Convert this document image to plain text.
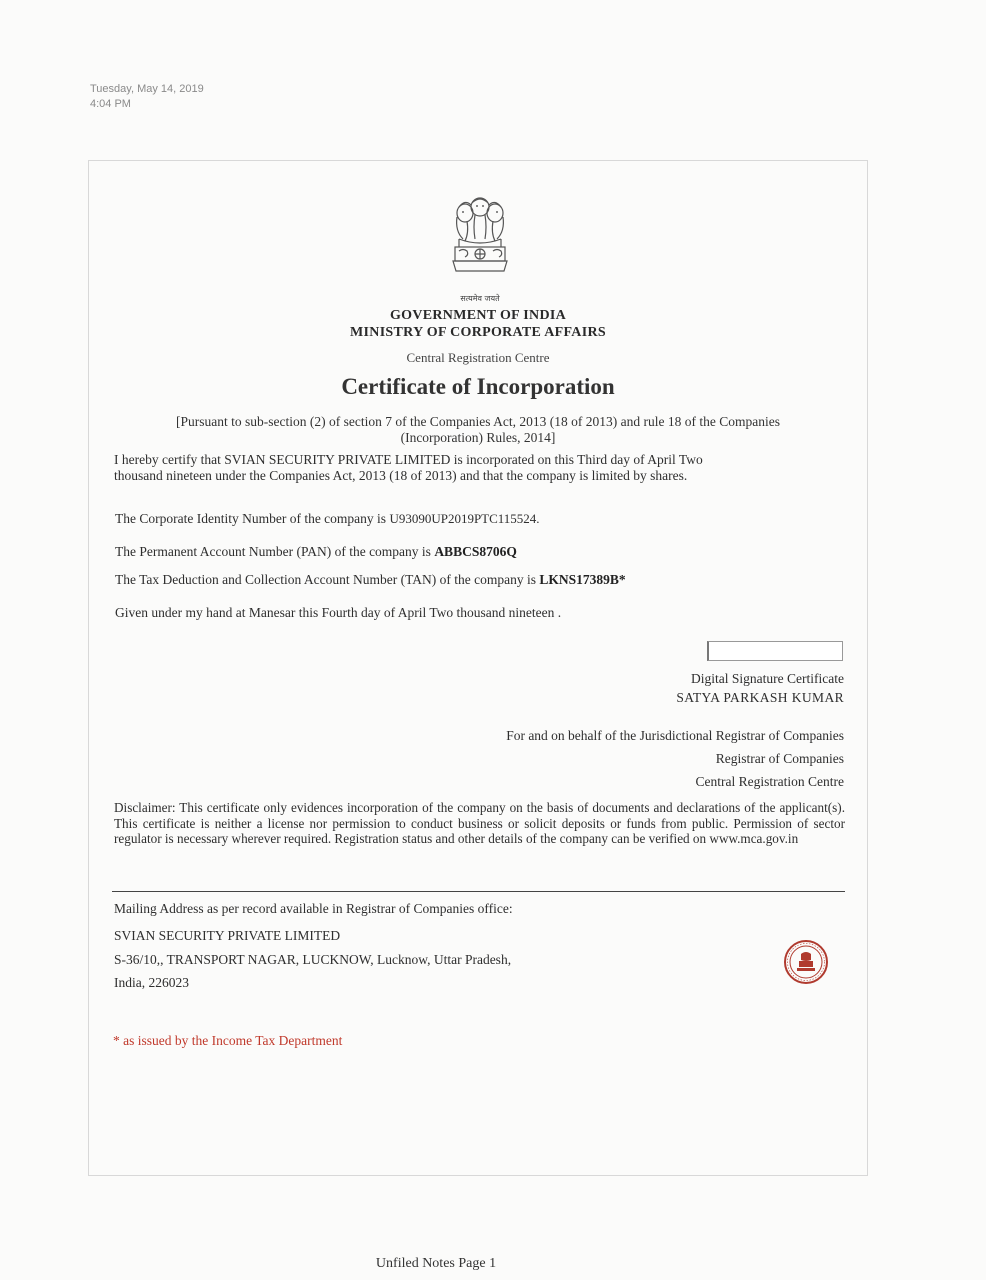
Tuesday, May 14, 2019
4:04 PM
सत्यमेव जयते
GOVERNMENT OF INDIA
MINISTRY OF CORPORATE AFFAIRS
Central Registration Centre
Certificate of Incorporation
[Pursuant to sub-section (2) of section 7 of the Companies Act, 2013 (18 of 2013) and rule 18 of the Companies
(Incorporation) Rules, 2014]
I hereby certify that SVIAN SECURITY PRIVATE LIMITED is incorporated on this Third day of April Two
thousand nineteen under the Companies Act, 2013 (18 of 2013) and that the company is limited by shares.
The Corporate Identity Number of the company is U93090UP2019PTC115524.
The Permanent Account Number (PAN) of the company is ABBCS8706Q
The Tax Deduction and Collection Account Number (TAN) of the company is LKNS17389B*
Given under my hand at Manesar this Fourth day of April Two thousand nineteen .
Digital Signature Certificate
SATYA PARKASH KUMAR
For and on behalf of the Jurisdictional Registrar of Companies
Registrar of Companies
Central Registration Centre
Disclaimer: This certificate only evidences incorporation of the company on the basis of documents and declarations of the applicant(s). This certificate is neither a license nor permission to conduct business or solicit deposits or funds from public. Permission of sector regulator is necessary wherever required. Registration status and other details of the company can be verified on www.mca.gov.in
Mailing Address as per record available in Registrar of Companies office:
SVIAN SECURITY PRIVATE LIMITED
S-36/10,, TRANSPORT NAGAR, LUCKNOW, Lucknow, Uttar Pradesh,
India, 226023
* as issued by the Income Tax Department
Unfiled Notes Page 1
